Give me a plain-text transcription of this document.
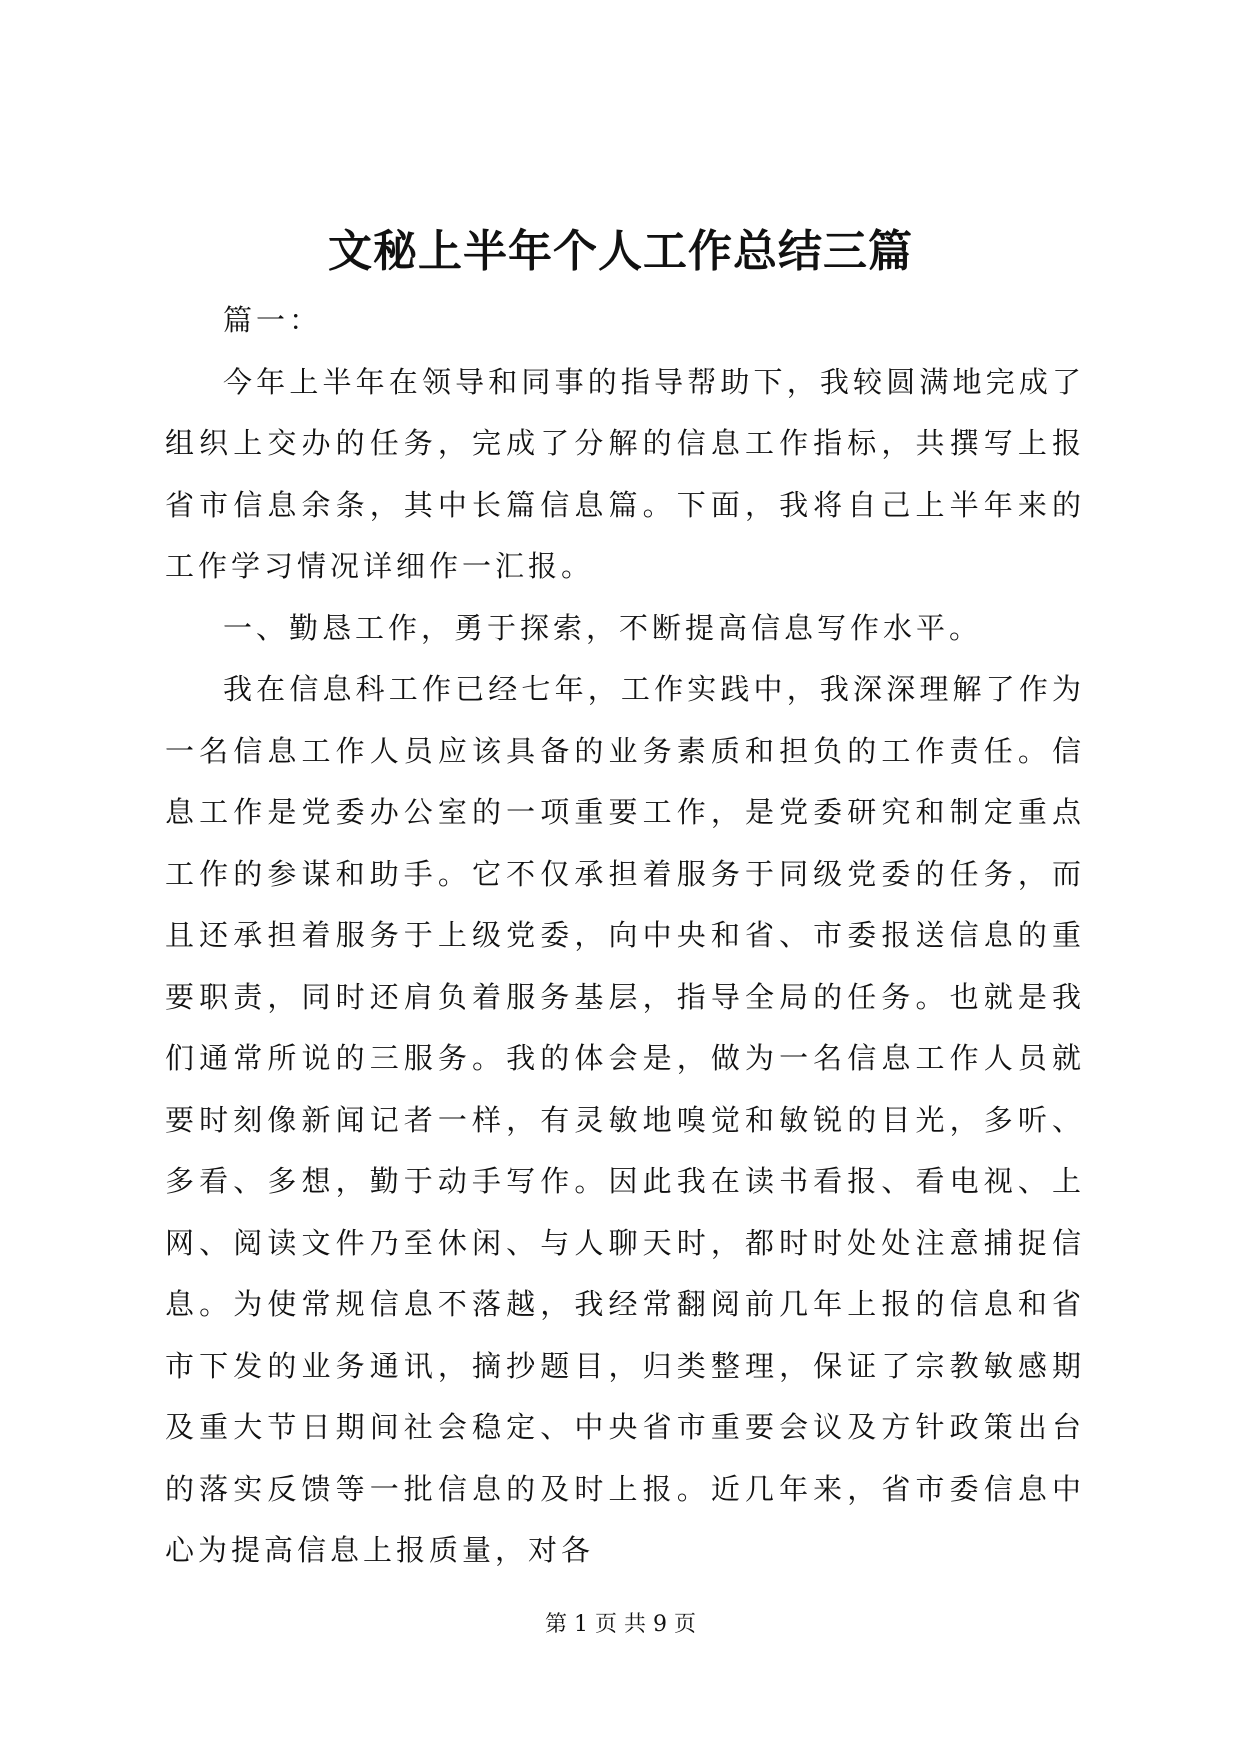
文秘上半年个人工作总结三篇

篇一：

今年上半年在领导和同事的指导帮助下，我较圆满地完成了组织上交办的任务，完成了分解的信息工作指标，共撰写上报省市信息余条，其中长篇信息篇。下面，我将自己上半年来的工作学习情况详细作一汇报。

一、勤恳工作，勇于探索，不断提高信息写作水平。

我在信息科工作已经七年，工作实践中，我深深理解了作为一名信息工作人员应该具备的业务素质和担负的工作责任。信息工作是党委办公室的一项重要工作，是党委研究和制定重点工作的参谋和助手。它不仅承担着服务于同级党委的任务，而且还承担着服务于上级党委，向中央和省、市委报送信息的重要职责，同时还肩负着服务基层，指导全局的任务。也就是我们通常所说的三服务。我的体会是，做为一名信息工作人员就要时刻像新闻记者一样，有灵敏地嗅觉和敏锐的目光，多听、多看、多想，勤于动手写作。因此我在读书看报、看电视、上网、阅读文件乃至休闲、与人聊天时，都时时处处注意捕捉信息。为使常规信息不落越，我经常翻阅前几年上报的信息和省市下发的业务通讯，摘抄题目，归类整理，保证了宗教敏感期及重大节日期间社会稳定、中央省市重要会议及方针政策出台的落实反馈等一批信息的及时上报。近几年来，省市委信息中心为提高信息上报质量，对各

第 1 页 共 9 页
